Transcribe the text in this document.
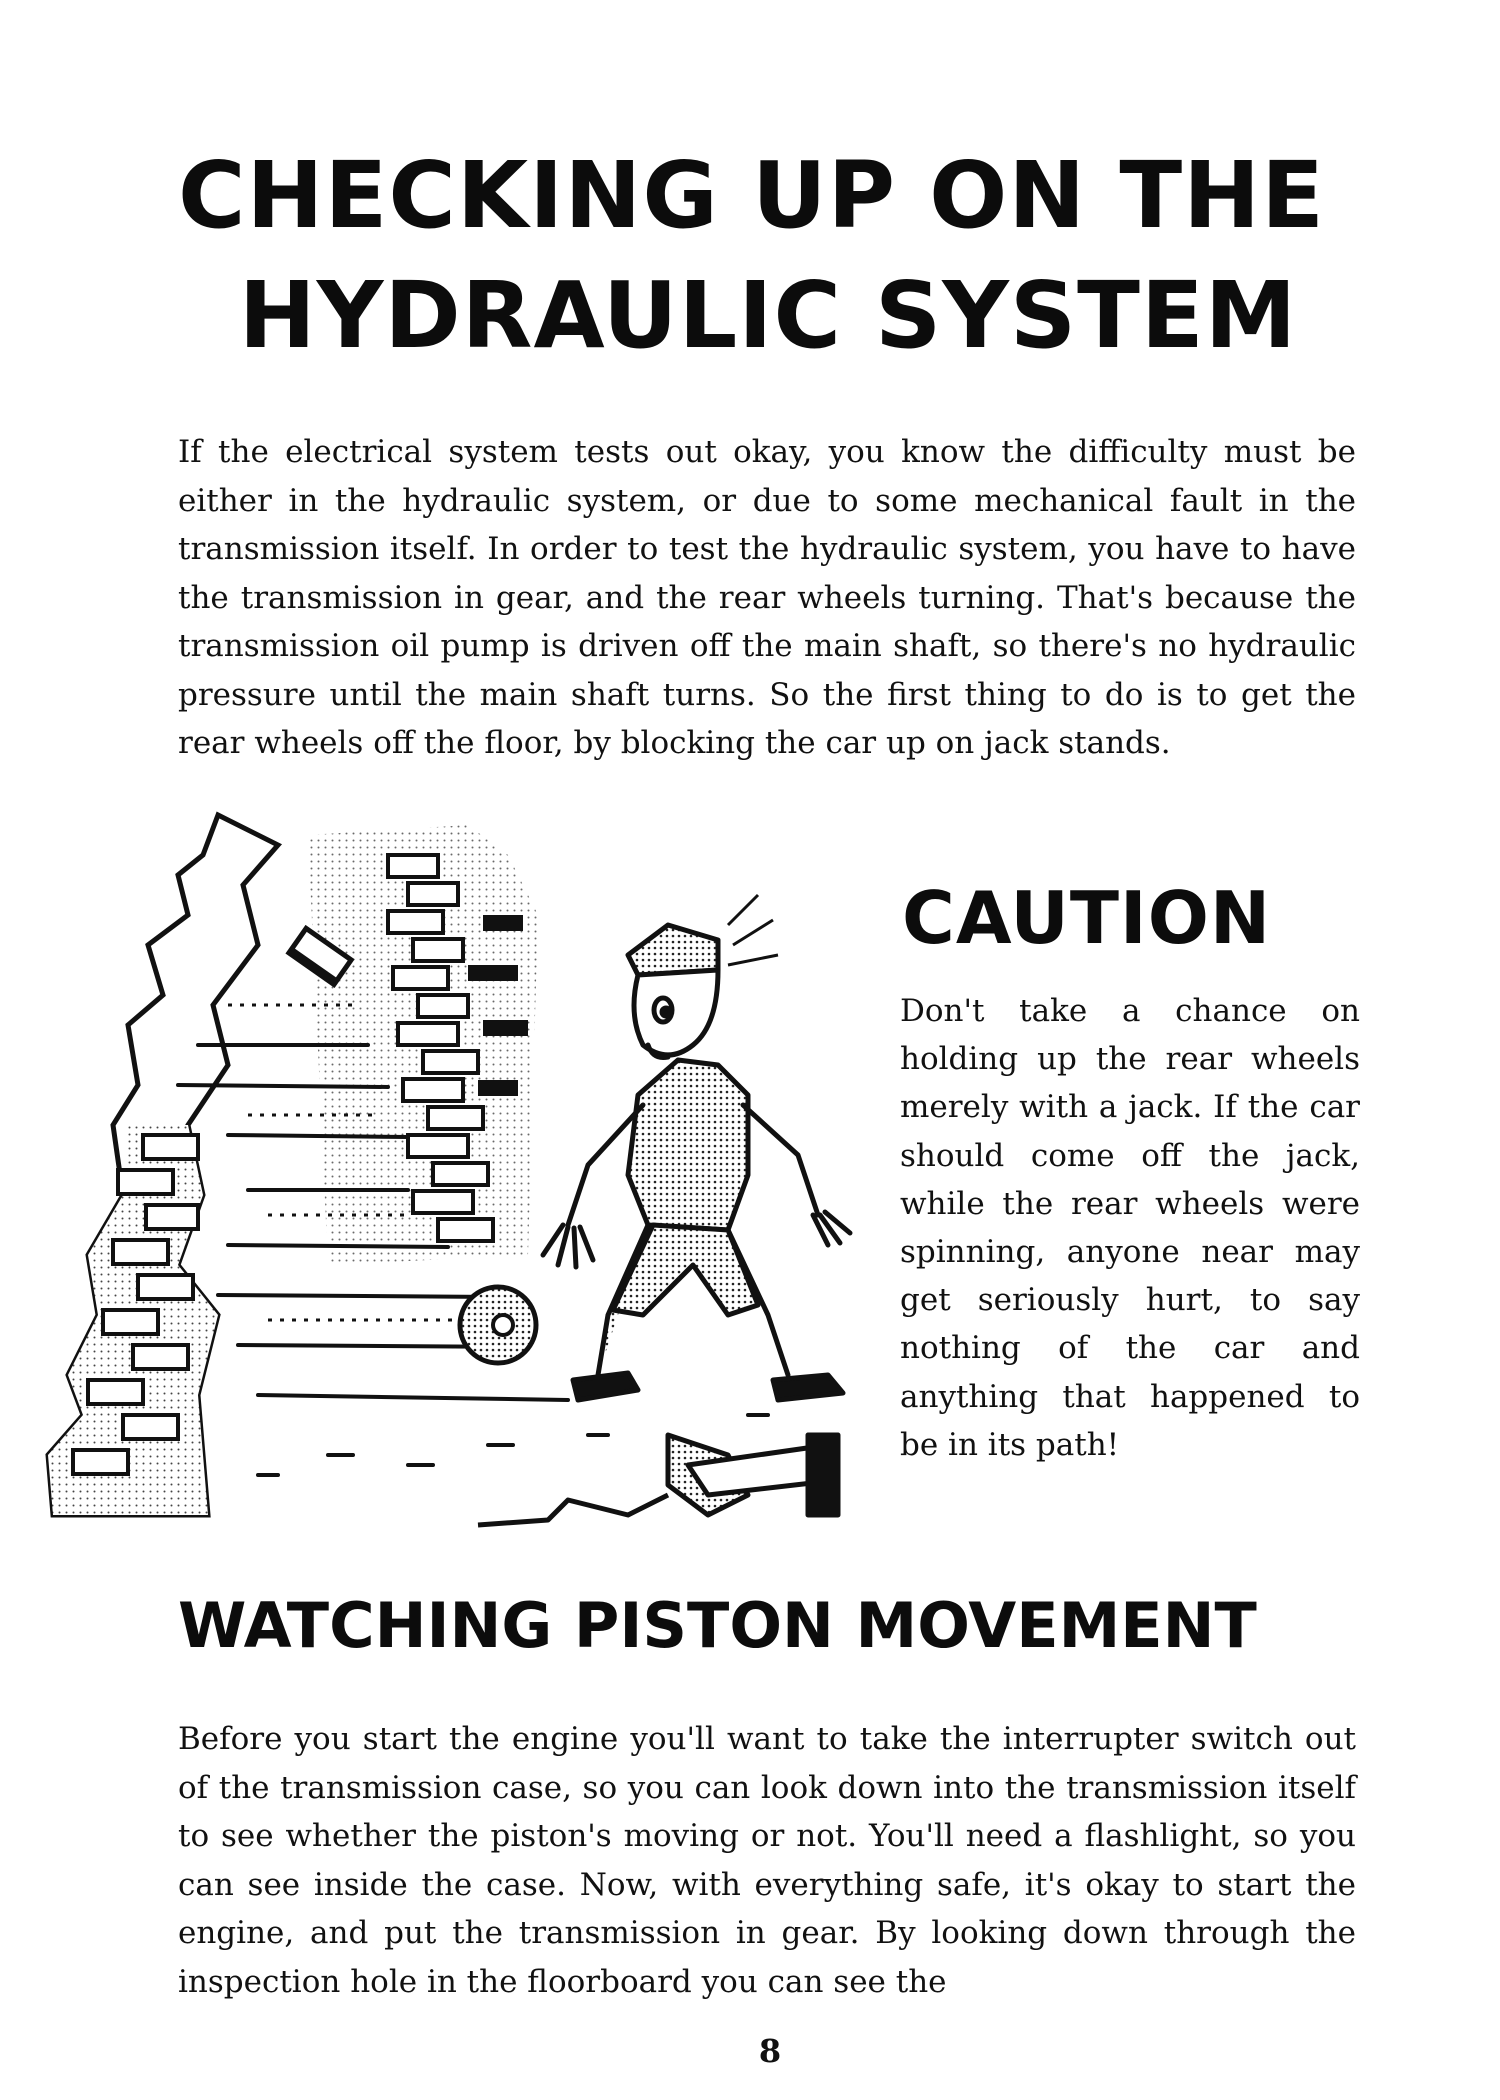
CHECKING UP ON THE
HYDRAULIC SYSTEM

If the electrical system tests out okay, you know the difficulty must be either in the hydraulic system, or due to some mechanical fault in the transmission itself. In order to test the hydraulic system, you have to have the transmission in gear, and the rear wheels turning. That's because the transmission oil pump is driven off the main shaft, so there's no hydraulic pressure until the main shaft turns. So the first thing to do is to get the rear wheels off the floor, by blocking the car up on jack stands.

CAUTION

Don't take a chance on holding up the rear wheels merely with a jack. If the car should come off the jack, while the rear wheels were spinning, anyone near may get seriously hurt, to say nothing of the car and anything that happened to be in its path!

WATCHING PISTON MOVEMENT

Before you start the engine you'll want to take the interrupter switch out of the transmission case, so you can look down into the transmission itself to see whether the piston's moving or not. You'll need a flashlight, so you can see inside the case. Now, with everything safe, it's okay to start the engine, and put the transmission in gear. By looking down through the inspection hole in the floorboard you can see the

8
